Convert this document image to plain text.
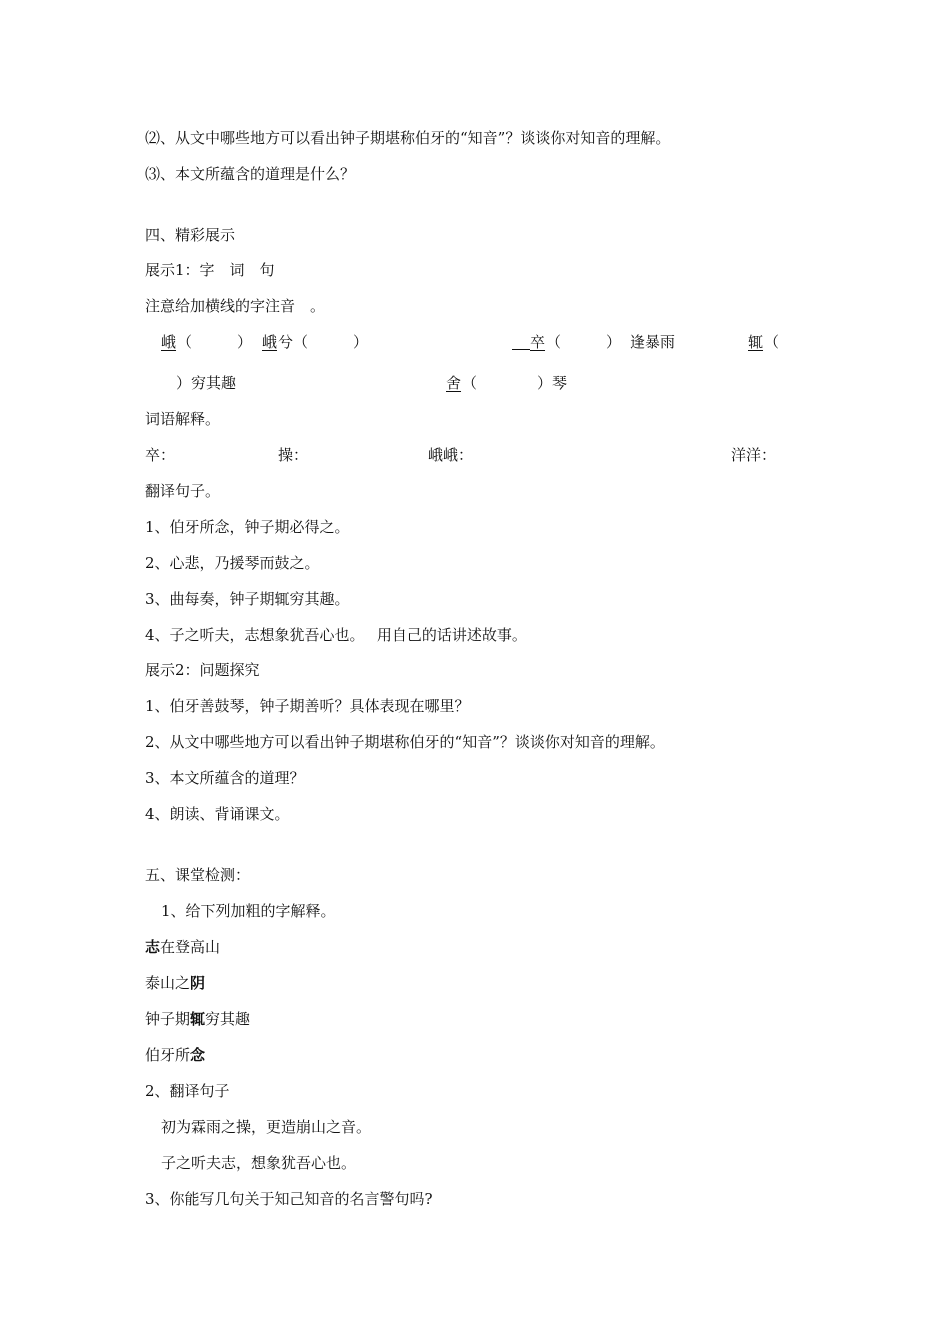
⑵、从文中哪些地方可以看出钟子期堪称伯牙的“知音”？谈谈你对知音的理解。
⑶、本文所蕴含的道理是什么？
四、精彩展示
展示1：字　词　句
注意给加横线的字注音　。
峨 （　　　） 峨 兮（　　　）	卒 （　　　） 逢暴雨	辄 （
）穷其趣	舍 （　　　　）琴
词语解释。
卒：	操：	峨峨：	洋洋：
翻译句子。
1、伯牙所念，钟子期必得之。
2、心悲，乃援琴而鼓之。
3、曲每奏，钟子期辄穷其趣。
4、子之听夫，志想象犹吾心也。　 用自己的话讲述故事。
展示2：问题探究
1、伯牙善鼓琴，钟子期善听？具体表现在哪里？
2、从文中哪些地方可以看出钟子期堪称伯牙的“知音”？谈谈你对知音的理解。
3、本文所蕴含的道理？
4、朗读、背诵课文。
五、课堂检测：
1、给下列加粗的字解释。
志在登高山
泰山之阴
钟子期辄穷其趣
伯牙所念
2、翻译句子
初为霖雨之操，更造崩山之音。
子之听夫志，想象犹吾心也。
3、你能写几句关于知己知音的名言警句吗?
